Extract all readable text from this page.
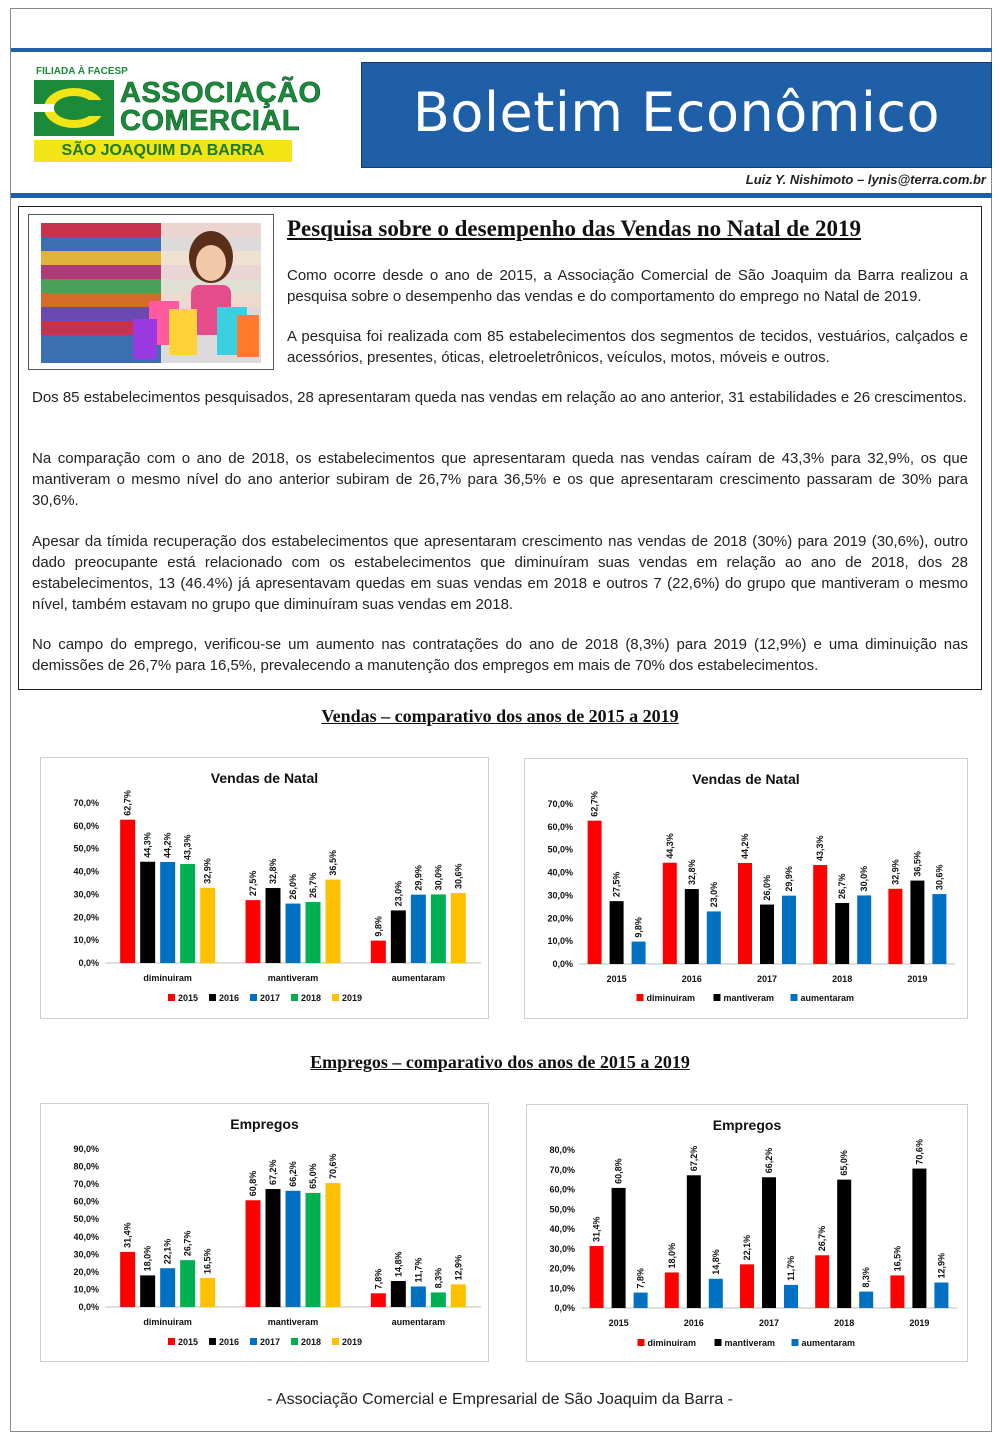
FILIADA À FACESP
ASSOCIAÇÃO
COMERCIAL
SÃO JOAQUIM DA BARRA
Boletim Econômico
Luiz Y. Nishimoto – lynis@terra.com.br
Pesquisa sobre o desempenho das Vendas no Natal de 2019

Como ocorre desde o ano de 2015, a Associação Comercial de São Joaquim da Barra realizou a pesquisa sobre o desempenho das vendas e do comportamento do emprego no Natal de 2019.

A pesquisa foi realizada com 85 estabelecimentos dos segmentos de tecidos, vestuários, calçados e acessórios, presentes, óticas, eletroeletrônicos, veículos, motos, móveis e outros.

Dos 85 estabelecimentos pesquisados, 28 apresentaram queda nas vendas em relação ao ano anterior, 31 estabilidades e 26 crescimentos.

Na comparação com o ano de 2018, os estabelecimentos que apresentaram queda nas vendas caíram de 43,3% para 32,9%, os que mantiveram o mesmo nível do ano anterior subiram de 26,7% para 36,5% e os que apresentaram crescimento passaram de 30% para 30,6%.

Apesar da tímida recuperação dos estabelecimentos que apresentaram crescimento nas vendas de 2018 (30%) para 2019 (30,6%), outro dado preocupante está relacionado com os estabelecimentos que diminuíram suas vendas em relação ao ano de 2018, dos 28 estabelecimentos, 13 (46.4%) já apresentavam quedas em suas vendas em 2018 e outros 7 (22,6%) do grupo que mantiveram o mesmo nível, também estavam no grupo que diminuíram suas vendas em 2018.

No campo do emprego, verificou-se um aumento nas contratações do ano de 2018 (8,3%) para 2019 (12,9%) e uma diminuição nas demissões de 26,7% para 16,5%, prevalecendo a manutenção dos empregos em mais de 70% dos estabelecimentos.

Vendas – comparativo dos anos de 2015 a 2019
Empregos – comparativo dos anos de 2015 a 2019
Vendas de Natal
0,0%
10,0%
20,0%
30,0%
40,0%
50,0%
60,0%
70,0%	62,7%
44,3% 44,2% 43,3%
32,9%
diminuiram
27,5% 32,8%
26,0% 26,7%
36,5%
mantiveram
9,8%
23,0%
29,9% 30,0% 30,6%
aumentaram
2015 2016 2017 2018 2019
Vendas de Natal
0,0%
10,0%
20,0%
30,0%
40,0%
50,0%
60,0%
70,0% 62,7%
27,5%
9,8%
2015
44,3%
32,8%
23,0%
2016
44,2%
26,0% 29,9%
2017
43,3%
26,7% 30,0%
2018
32,9% 36,5%
30,6%
2019
diminuiram	mantiveram	aumentaram
Empregos
0,0%
10,0%
20,0%
30,0%
40,0%
50,0%
60,0%
70,0%
80,0%
90,0%
31,4%
18,0% 22,1% 26,7%
16,5%
diminuiram
60,8% 67,2% 66,2% 65,0% 70,6%
mantiveram
7,8%
14,8% 11,7% 8,3% 12,9%
aumentaram
2015 2016 2017 2018 2019
Empregos
0,0%
10,0%
20,0%
30,0%
40,0%
50,0%
60,0%
70,0%
80,0%
31,4%
60,8%
7,8%
2015
18,0%
67,2%
14,8%
2016
22,1%
66,2%
11,7%
2017
26,7%
65,0%
8,3%
2018
16,5%
70,6%
12,9%
2019
diminuiram	mantiveram	aumentaram
- Associação Comercial e Empresarial de São Joaquim da Barra -
